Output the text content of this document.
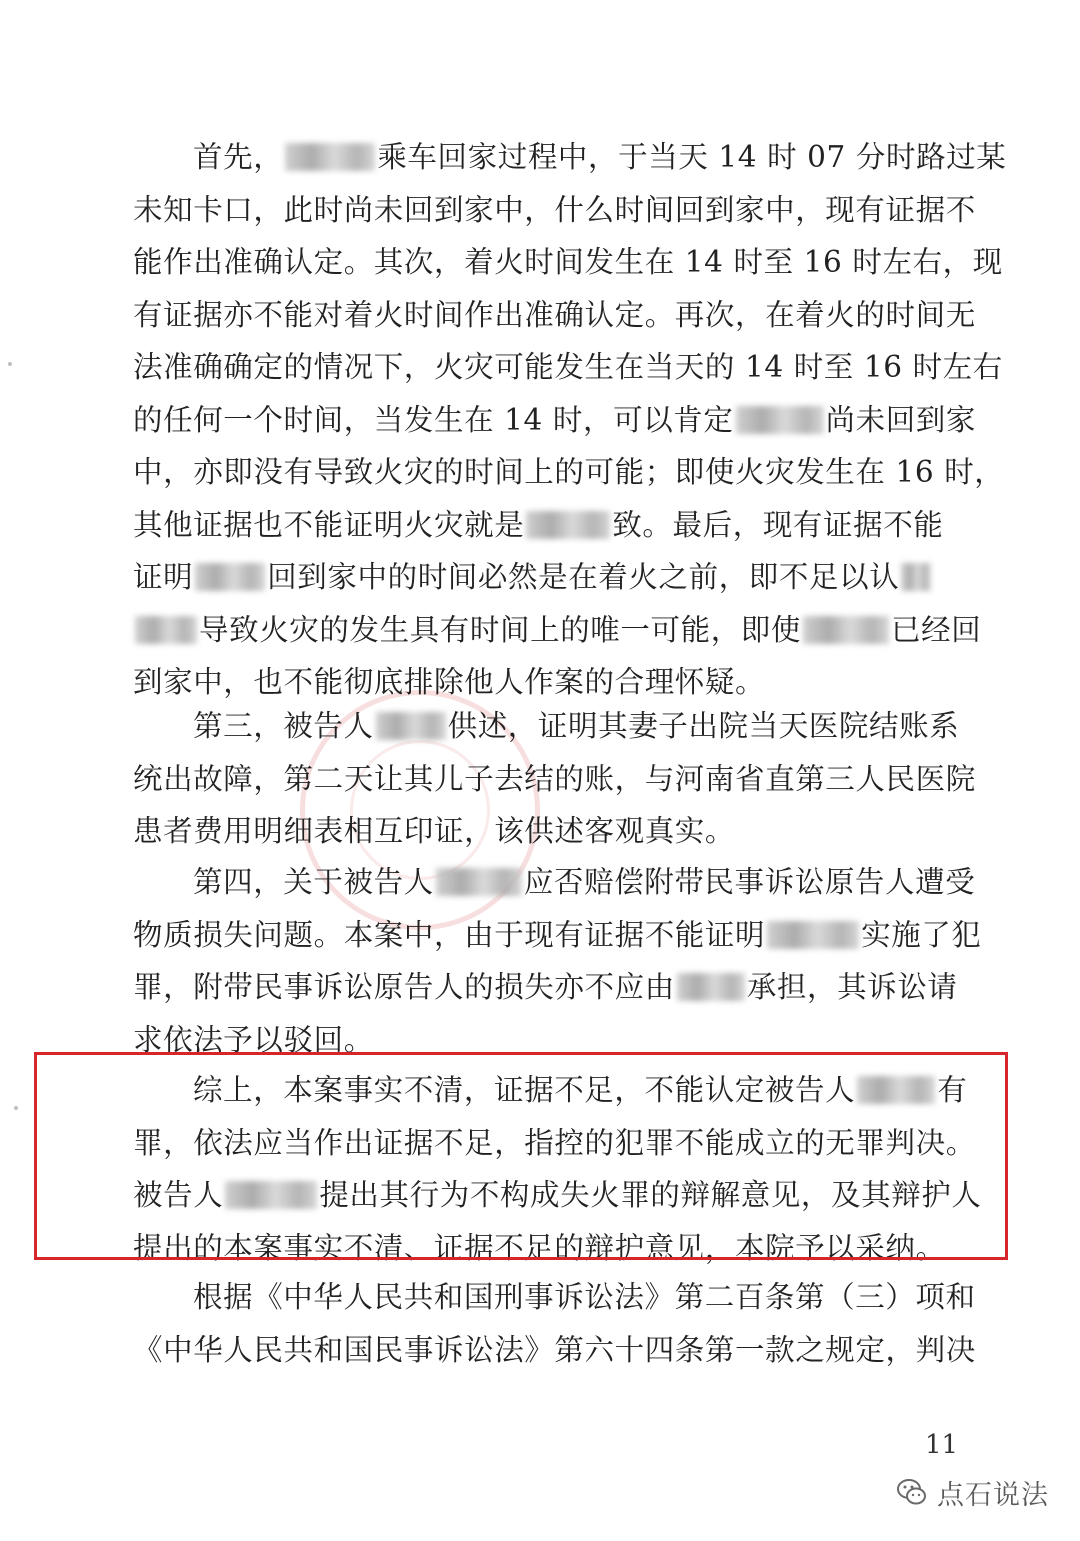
首先，	乘车回家过程中，于当天 14 时 07 分时路过某
未知卡口，此时尚未回到家中，什么时间回到家中，现有证据不
能作出准确认定。其次，着火时间发生在 14 时至 16 时左右，现
有证据亦不能对着火时间作出准确认定。再次，在着火的时间无
法准确确定的情况下，火灾可能发生在当天的 14 时至 16 时左右
的任何一个时间，当发生在 14 时，可以肯定	尚未回到家
中，亦即没有导致火灾的时间上的可能；即使火灾发生在 16 时，
其他证据也不能证明火灾就是	致。最后，现有证据不能
证明	回到家中的时间必然是在着火之前，即不足以认
导致火灾的发生具有时间上的唯一可能，即使	已经回
到家中，也不能彻底排除他人作案的合理怀疑。
第三，被告人	供述，证明其妻子出院当天医院结账系
统出故障，第二天让其儿子去结的账，与河南省直第三人民医院
患者费用明细表相互印证，该供述客观真实。
第四，关于被告人	应否赔偿附带民事诉讼原告人遭受
物质损失问题。本案中，由于现有证据不能证明	实施了犯
罪，附带民事诉讼原告人的损失亦不应由 承担，其诉讼请
求依法予以驳回。
综上，本案事实不清，证据不足，不能认定被告人	有
罪，依法应当作出证据不足，指控的犯罪不能成立的无罪判决。
被告人	提出其行为不构成失火罪的辩解意见，及其辩护人
提出的本案事实不清、证据不足的辩护意见，本院予以采纳。
根据《中华人民共和国刑事诉讼法》第二百条第（三）项和
《中华人民共和国民事诉讼法》第六十四条第一款之规定，判决
11
点石说法
